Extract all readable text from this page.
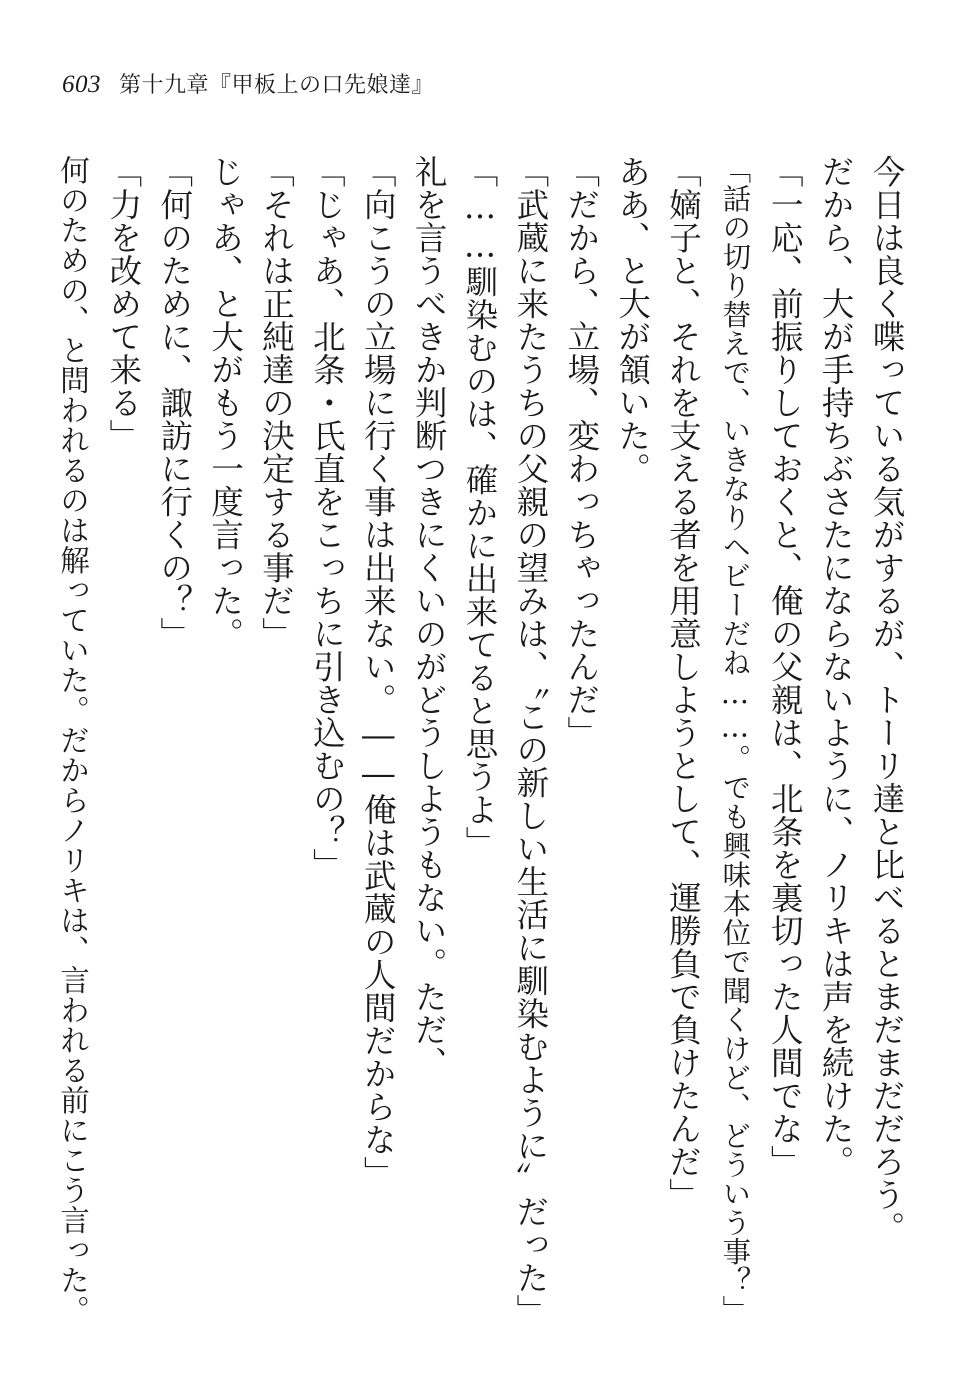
603 第十九章『甲板上の口先娘達』
今日は良く喋っている気がするが、トーリ達と比べるとまだまだだろう。
だから、大が手持ちぶさたにならないように、ノリキは声を続けた。
「一応、前振りしておくと、俺の父親は、北条を裏切った人間でな」
「話の切り替えで、いきなりヘビーだね……。でも興味本位で聞くけど、どういう事？」
「嫡子と、それを支える者を用意しようとして、運勝負で負けたんだ」
ああ、と大が頷いた。
「だから、立場、変わっちゃったんだ」
「武蔵に来たうちの父親の望みは、〝この新しい生活に馴染むように〟だった」
「……馴染むのは、確かに出来てると思うよ」
礼を言うべきか判断つきにくいのがどうしようもない。ただ、
「向こうの立場に行く事は出来ない。――俺は武蔵の人間だからな」
「じゃあ、北条・氏直をこっちに引き込むの？」
「それは正純達の決定する事だ」
じゃあ、と大がもう一度言った。
「何のために、諏訪に行くの？」
「力を改めて来る」
何のための、と問われるのは解っていた。だからノリキは、言われる前にこう言った。
